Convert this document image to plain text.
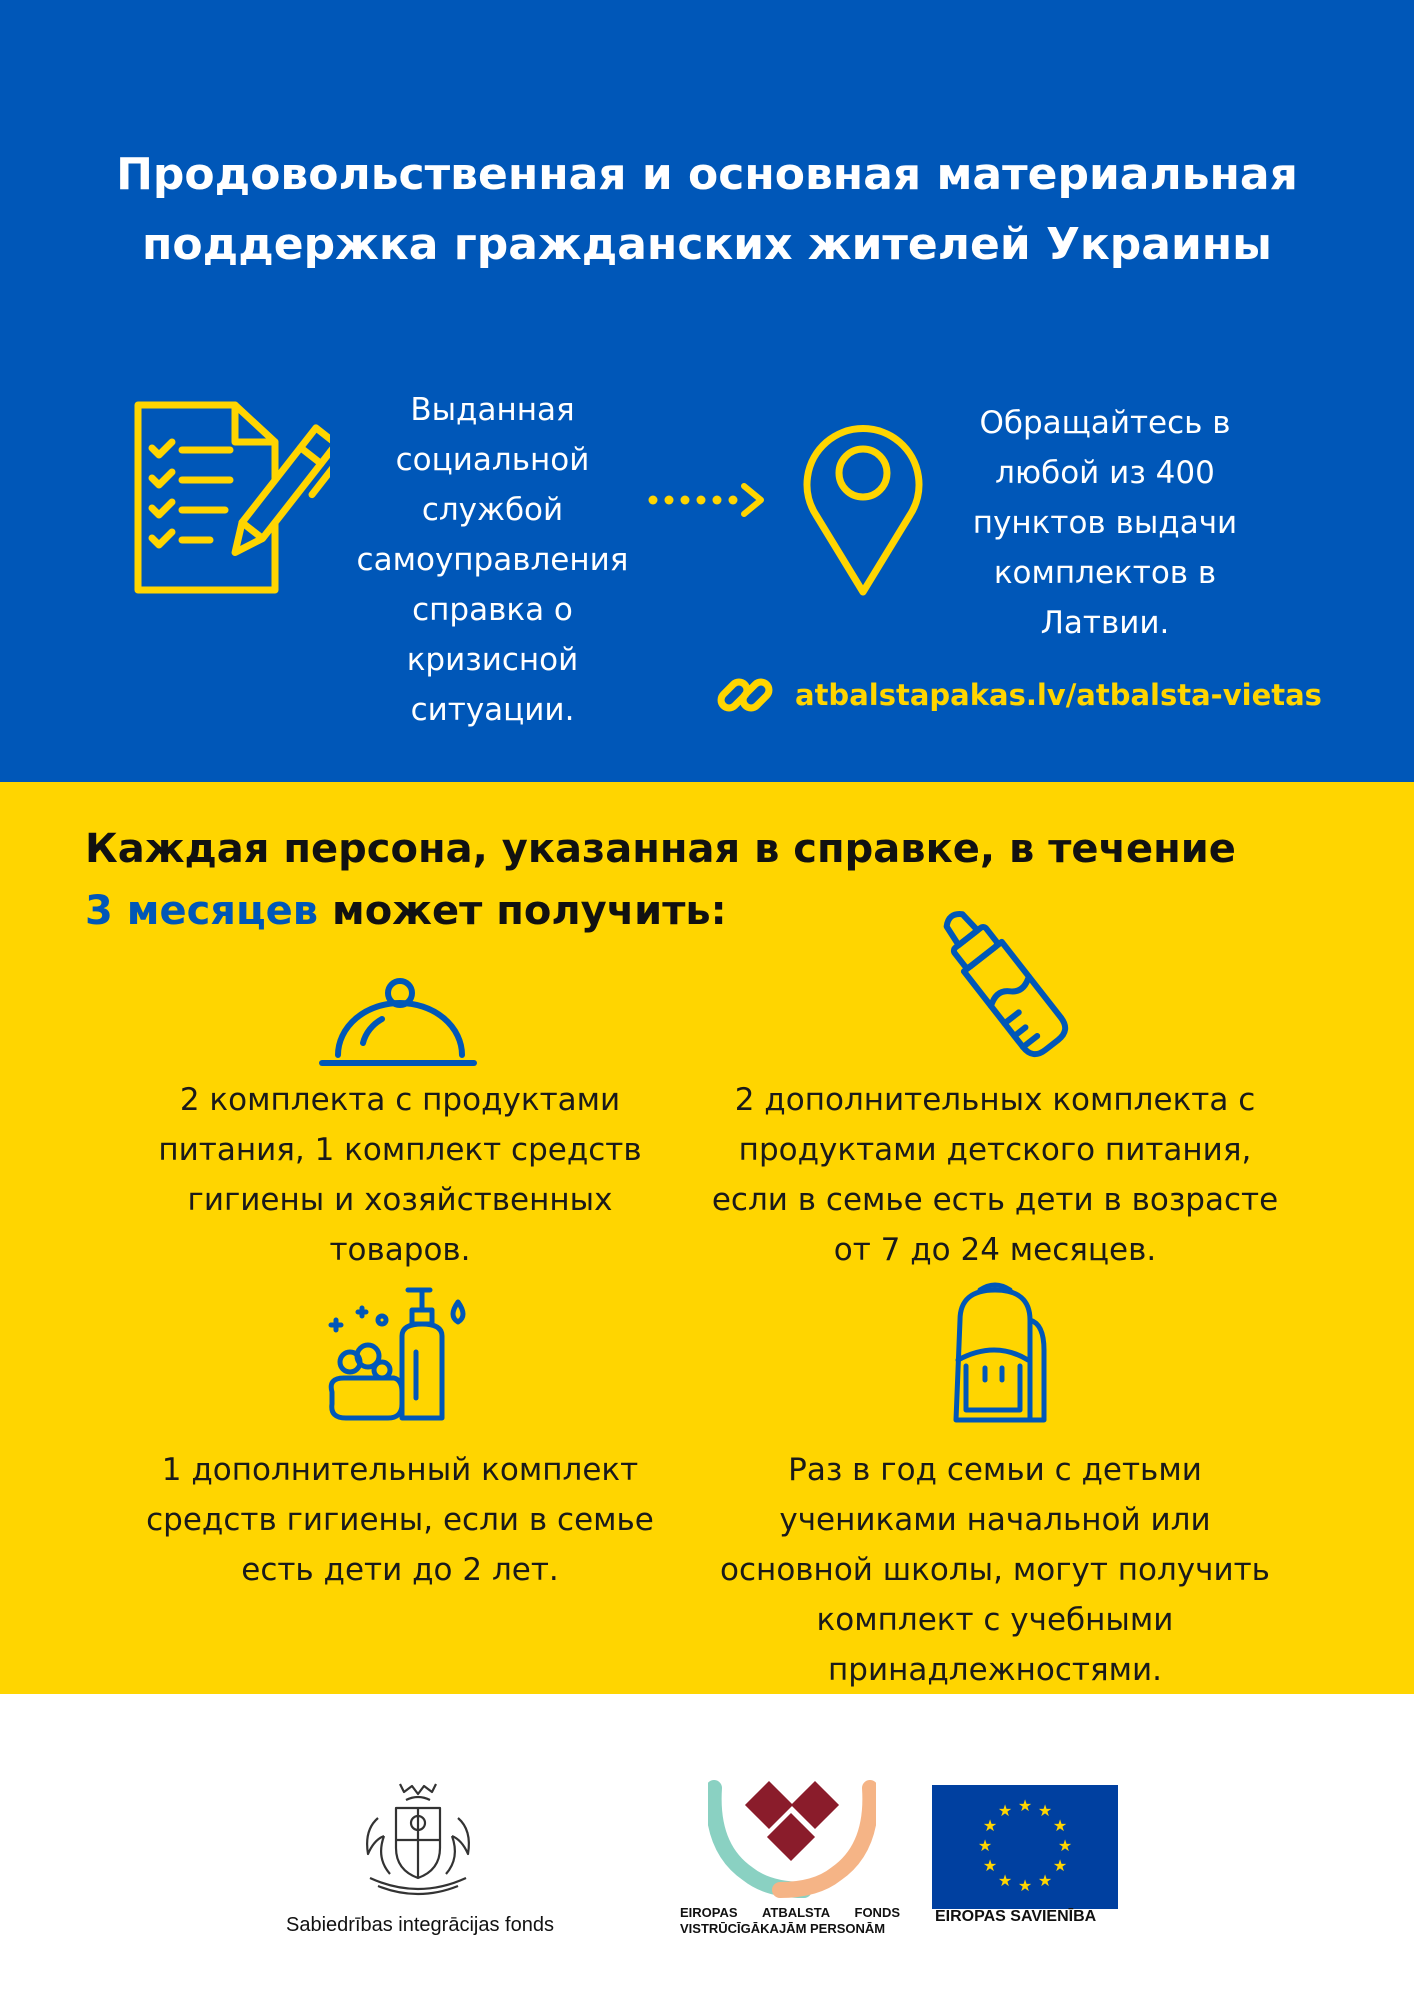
Продовольственная и основная материальная поддержка гражданских жителей Украины
Выданная социальной службой самоуправления справка о кризисной ситуации.
Обращайтесь в любой из 400 пунктов выдачи комплектов в Латвии.
atbalstapakas.lv/atbalsta-vietas
Каждая персона, указанная в справке, в течение
3 месяцев может получить:
2 комплекта с продуктами питания, 1 комплект средств гигиены и хозяйственных товаров.
2 дополнительных комплекта с продуктами детского питания, если в семье есть дети в возрасте от 7 до 24 месяцев.
1 дополнительный комплект средств гигиены, если в семье есть дети до 2 лет.
Раз в год семьи с детьми учениками начальной или основной школы, могут получить комплект с учебными принадлежностями.
Sabiedrības integrācijas fonds
EIROPAS ATBALSTA FONDS
VISTRŪCĪGĀKAJĀM PERSONĀM
★ ★
★
★
★
★
★
★
★
★
★
★
EIROPAS SAVIENĪBA
